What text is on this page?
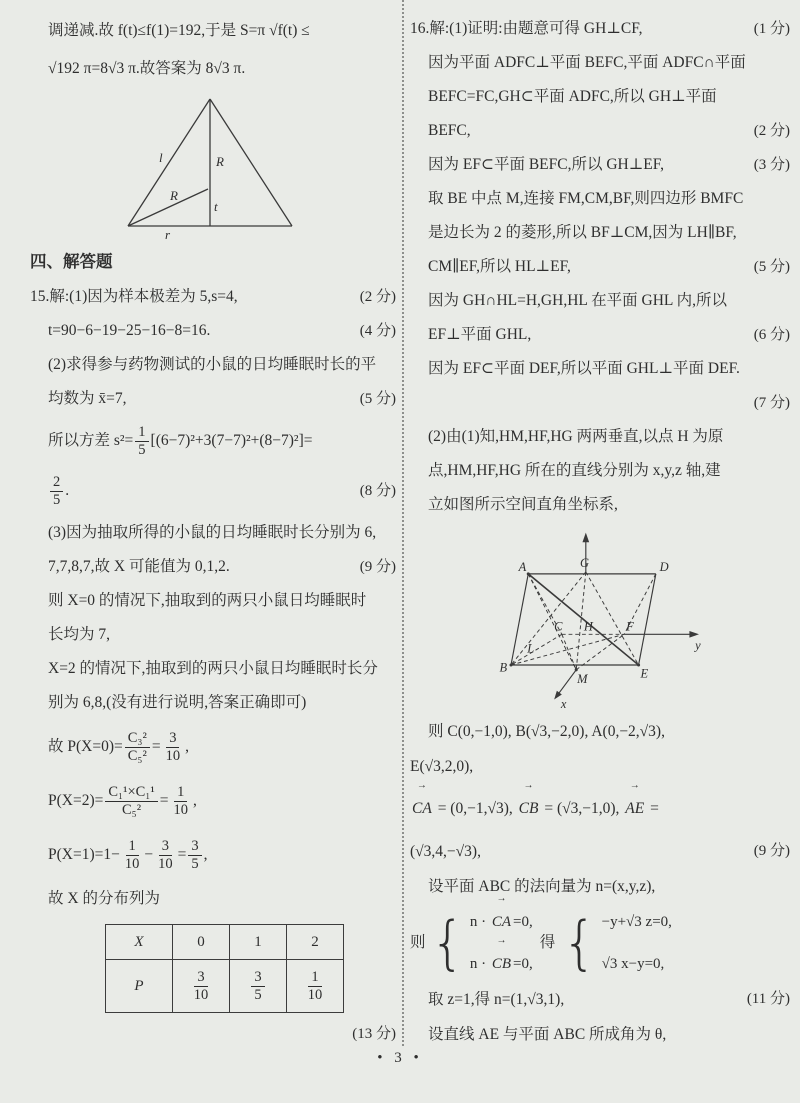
调递减.故 f(t)≤f(1)=192,于是 S=π √f(t) ≤
√192 π=8√3 π.故答案为 8√3 π.
l	R
R
t
r
四、解答题
15.解:(1)因为样本极差为 5,s=4,	(2 分)
t=90−6−19−25−16−8=16.	(4 分)
(2)求得参与药物测试的小鼠的日均睡眠时长的平
均数为 x̄=7,	(5 分)
所以方差 $s^2= \frac{1}{5} [(6-7)^2+3(7-7)^2+(8-7)^2]=$
$\frac{2}{5}$ .	(8 分)
(3)因为抽取所得的小鼠的日均睡眠时长分别为 6,
7,7,8,7,故 X 可能值为 0,1,2.	(9 分)
则 X=0 的情况下,抽取到的两只小鼠日均睡眠时
长均为 7,
X=2 的情况下,抽取到的两只小鼠日均睡眠时长分
别为 6,8,(没有进行说明,答案正确即可)
故 $P(X=0)= \frac{\text{C₃²}}{\text{C₅²}} = \frac{3}{10}$ ,
$P(X=2)= \frac{\text{C₁¹×C₁¹}}{\text{C₅²}} = \frac{1}{10}$ ,
$P(X=1)=1- \frac{1}{10} - \frac{3}{10} = \frac{3}{5}$ ,
故 X 的分布列为
X	0	1	2
P	$\frac{3}{10}$	$\frac{3}{5}$	$\frac{1}{10}$
(13 分)
16.解:(1)证明:由题意可得 GH⊥CF,	(1 分)
因为平面 ADFC⊥平面 BEFC,平面 ADFC∩平面
BEFC=FC,GH⊂平面 ADFC,所以 GH⊥平面
BEFC,	(2 分)
因为 EF⊂平面 BEFC,所以 GH⊥EF,	(3 分)
取 BE 中点 M,连接 FM,CM,BF,则四边形 BMFC
是边长为 2 的菱形,所以 BF⊥CM,因为 LH∥BF,
CM∥EF,所以 HL⊥EF,	(5 分)
因为 GH∩HL=H,GH,HL 在平面 GHL 内,所以
EF⊥平面 GHL,	(6 分)
因为 EF⊂平面 DEF,所以平面 GHL⊥平面 DEF.
(7 分)
(2)由(1)知,HM,HF,HG 两两垂直,以点 H 为原
点,HM,HF,HG 所在的直线分别为 x,y,z 轴,建
立如图所示空间直角坐标系,
A	G	D
B
M	E
C H	F
L	y
x
则 C(0,−1,0), B(√3,−2,0), A(0,−2,√3),
E(√3,2,0),
→ CA = (0,−1,√3), → CB = (√3,−1,0), → AE =
(√3,4,−√3),	(9 分)
设平面 ABC 的法向量为 n=(x,y,z),
则 { n · → CA =0,
n · → CB =0,
得 { −y+√3 z=0,
√3 x−y=0,
取 z=1,得 n=(1,√3,1),	(11 分)
设直线 AE 与平面 ABC 所成角为 θ,
• 3 •
